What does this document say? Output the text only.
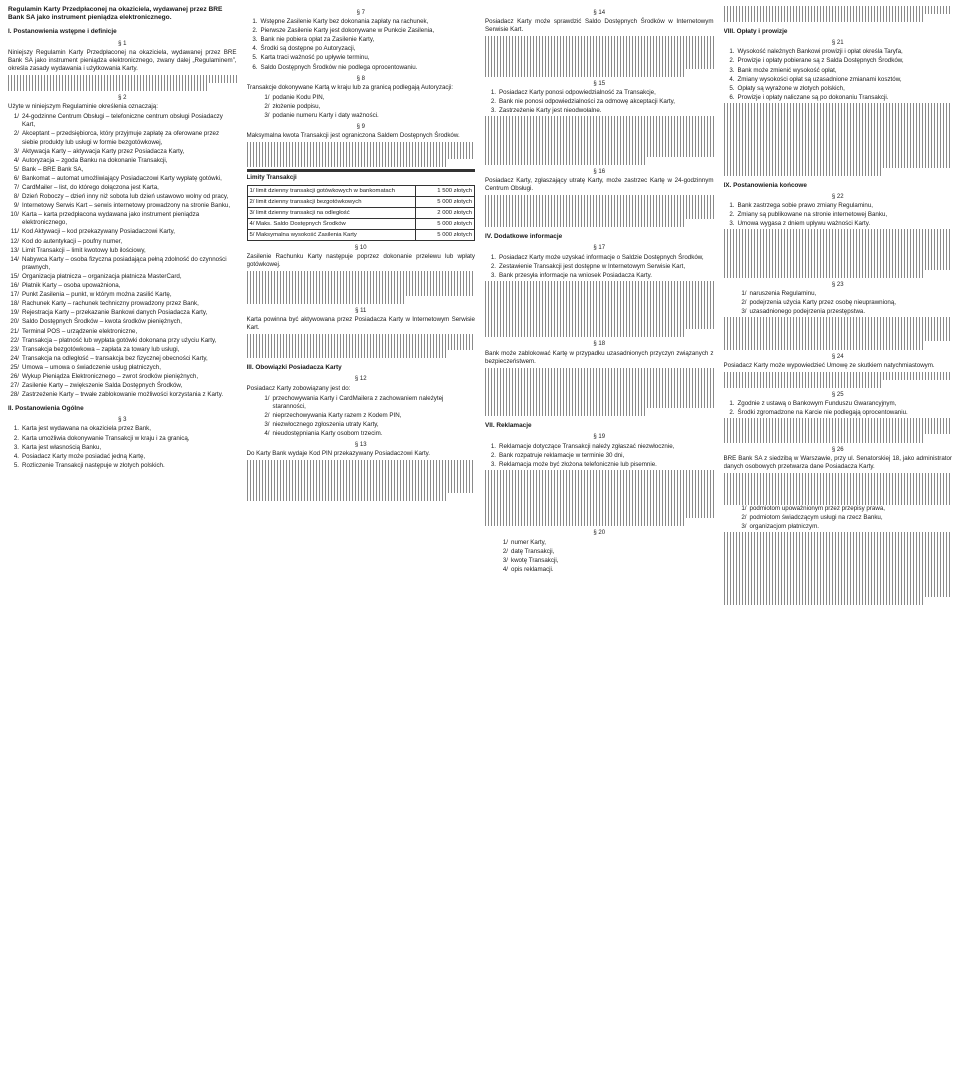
Regulamin Karty Przedpłaconej na okaziciela, wydawanej przez BRE Bank SA jako instrument pieniądza elektronicznego.
I. Postanowienia wstępne i definicje
§ 1

Niniejszy Regulamin Karty Przedpłaconej na okaziciela, wydawanej przez BRE Bank SA jako instrument pieniądza elektronicznego, zwany dalej „Regulaminem”, określa zasady wydawania i użytkowania Karty.

§ 2

Użyte w niniejszym Regulaminie określenia oznaczają:

1/ 24-godzinne Centrum Obsługi – telefoniczne centrum obsługi Posiadaczy Kart,
2/ Akceptant – przedsiębiorca, który przyjmuje zapłatę za oferowane przez siebie produkty lub usługi w formie bezgotówkowej,
3/ Aktywacja Karty – aktywacja Karty przez Posiadacza Karty,
4/ Autoryzacja – zgoda Banku na dokonanie Transakcji,
5/ Bank – BRE Bank SA,
6/ Bankomat – automat umożliwiający Posiadaczowi Karty wypłatę gotówki,
7/ CardMailer – list, do którego dołączona jest Karta,
8/ Dzień Roboczy – dzień inny niż sobota lub dzień ustawowo wolny od pracy,
9/ Internetowy Serwis Kart – serwis internetowy prowadzony na stronie Banku,
10/ Karta – karta przedpłacona wydawana jako instrument pieniądza elektronicznego,
11/ Kod Aktywacji – kod przekazywany Posiadaczowi Karty,
12/ Kod do autentykacji – poufny numer,
13/ Limit Transakcji – limit kwotowy lub ilościowy,
14/ Nabywca Karty – osoba fizyczna posiadająca pełną zdolność do czynności prawnych,
15/ Organizacja płatnicza – organizacja płatnicza MasterCard,
16/ Płatnik Karty – osoba upoważniona,
17/ Punkt Zasilenia – punkt, w którym można zasilić Kartę,
18/ Rachunek Karty – rachunek techniczny prowadzony przez Bank,
19/ Rejestracja Karty – przekazanie Bankowi danych Posiadacza Karty,
20/ Saldo Dostępnych Środków – kwota środków pieniężnych,
21/ Terminal POS – urządzenie elektroniczne,
22/ Transakcja – płatność lub wypłata gotówki dokonana przy użyciu Karty,
23/ Transakcja bezgotówkowa – zapłata za towary lub usługi,
24/ Transakcja na odległość – transakcja bez fizycznej obecności Karty,
25/ Umowa – umowa o świadczenie usług płatniczych,
26/ Wykup Pieniądza Elektronicznego – zwrot środków pieniężnych,
27/ Zasilenie Karty – zwiększenie Salda Dostępnych Środków,
28/ Zastrzeżenie Karty – trwałe zablokowanie możliwości korzystania z Karty.
II. Postanowienia Ogólne
§ 3
1. Karta jest wydawana na okaziciela przez Bank,
2. Karta umożliwia dokonywanie Transakcji w kraju i za granicą,
3. Karta jest własnością Banku,
4. Posiadacz Karty może posiadać jedną Kartę,
5. Rozliczenie Transakcji następuje w złotych polskich.
§ 7
1. Wstępne Zasilenie Karty bez dokonania zapłaty na rachunek,
2. Pierwsze Zasilenie Karty jest dokonywane w Punkcie Zasilenia,
3. Bank nie pobiera opłat za Zasilenie Karty,
4. Środki są dostępne po Autoryzacji,
5. Karta traci ważność po upływie terminu,
6. Saldo Dostępnych Środków nie podlega oprocentowaniu.
§ 8

Transakcje dokonywane Kartą w kraju lub za granicą podlegają Autoryzacji:

1/ podanie Kodu PIN,
2/ złożenie podpisu,
3/ podanie numeru Karty i daty ważności.
§ 9

Maksymalna kwota Transakcji jest ograniczona Saldem Dostępnych Środków.

Limity Transakcji
1/ limit dzienny transakcji gotówkowych w bankomatach	1 500 złotych
2/ limit dzienny transakcji bezgotówkowych	5 000 złotych
3/ limit dzienny transakcji na odległość	2 000 złotych
4/ Maks. Saldo Dostępnych Środków	5 000 złotych
5/ Maksymalna wysokość Zasilenia Karty	5 000 złotych
§ 10

Zasilenie Rachunku Karty następuje poprzez dokonanie przelewu lub wpłaty gotówkowej.

§ 11

Karta powinna być aktywowana przez Posiadacza Karty w Internetowym Serwisie Kart.

III. Obowiązki Posiadacza Karty
§ 12

Posiadacz Karty zobowiązany jest do:

1/ przechowywania Karty i CardMailera z zachowaniem należytej staranności,
2/ nieprzechowywania Karty razem z Kodem PIN,
3/ niezwłocznego zgłoszenia utraty Karty,
4/ nieudostępniania Karty osobom trzecim.
§ 13

Do Karty Bank wydaje Kod PIN przekazywany Posiadaczowi Karty.

§ 14

Posiadacz Karty może sprawdzić Saldo Dostępnych Środków w Internetowym Serwisie Kart.

§ 15
1. Posiadacz Karty ponosi odpowiedzialność za Transakcje,
2. Bank nie ponosi odpowiedzialności za odmowę akceptacji Karty,
3. Zastrzeżenie Karty jest nieodwołalne.
§ 16

Posiadacz Karty, zgłaszający utratę Karty, może zastrzec Kartę w 24-godzinnym Centrum Obsługi.

IV. Dodatkowe informacje
§ 17
1. Posiadacz Karty może uzyskać informacje o Saldzie Dostępnych Środków,
2. Zestawienie Transakcji jest dostępne w Internetowym Serwisie Kart,
3. Bank przesyła informacje na wniosek Posiadacza Karty.
§ 18

Bank może zablokować Kartę w przypadku uzasadnionych przyczyn związanych z bezpieczeństwem.

VII. Reklamacje
§ 19
1. Reklamacje dotyczące Transakcji należy zgłaszać niezwłocznie,
2. Bank rozpatruje reklamacje w terminie 30 dni,
3. Reklamacja może być złożona telefonicznie lub pisemnie.
§ 20
1/ numer Karty,
2/ datę Transakcji,
3/ kwotę Transakcji,
4/ opis reklamacji.
VIII. Opłaty i prowizje
§ 21
1. Wysokość należnych Bankowi prowizji i opłat określa Taryfa,
2. Prowizje i opłaty pobierane są z Salda Dostępnych Środków,
3. Bank może zmienić wysokość opłat,
4. Zmiany wysokości opłat są uzasadnione zmianami kosztów,
5. Opłaty są wyrażone w złotych polskich,
6. Prowizje i opłaty naliczane są po dokonaniu Transakcji.
IX. Postanowienia końcowe
§ 22
1. Bank zastrzega sobie prawo zmiany Regulaminu,
2. Zmiany są publikowane na stronie internetowej Banku,
3. Umowa wygasa z dniem upływu ważności Karty.
§ 23
1/ naruszenia Regulaminu,
2/ podejrzenia użycia Karty przez osobę nieuprawnioną,
3/ uzasadnionego podejrzenia przestępstwa.
§ 24

Posiadacz Karty może wypowiedzieć Umowę ze skutkiem natychmiastowym.

§ 25
1. Zgodnie z ustawą o Bankowym Funduszu Gwarancyjnym,
2. Środki zgromadzone na Karcie nie podlegają oprocentowaniu.
§ 26

BRE Bank SA z siedzibą w Warszawie, przy ul. Senatorskiej 18, jako administrator danych osobowych przetwarza dane Posiadacza Karty.

1/ podmiotom upoważnionym przez przepisy prawa,
2/ podmiotom świadczącym usługi na rzecz Banku,
3/ organizacjom płatniczym.
